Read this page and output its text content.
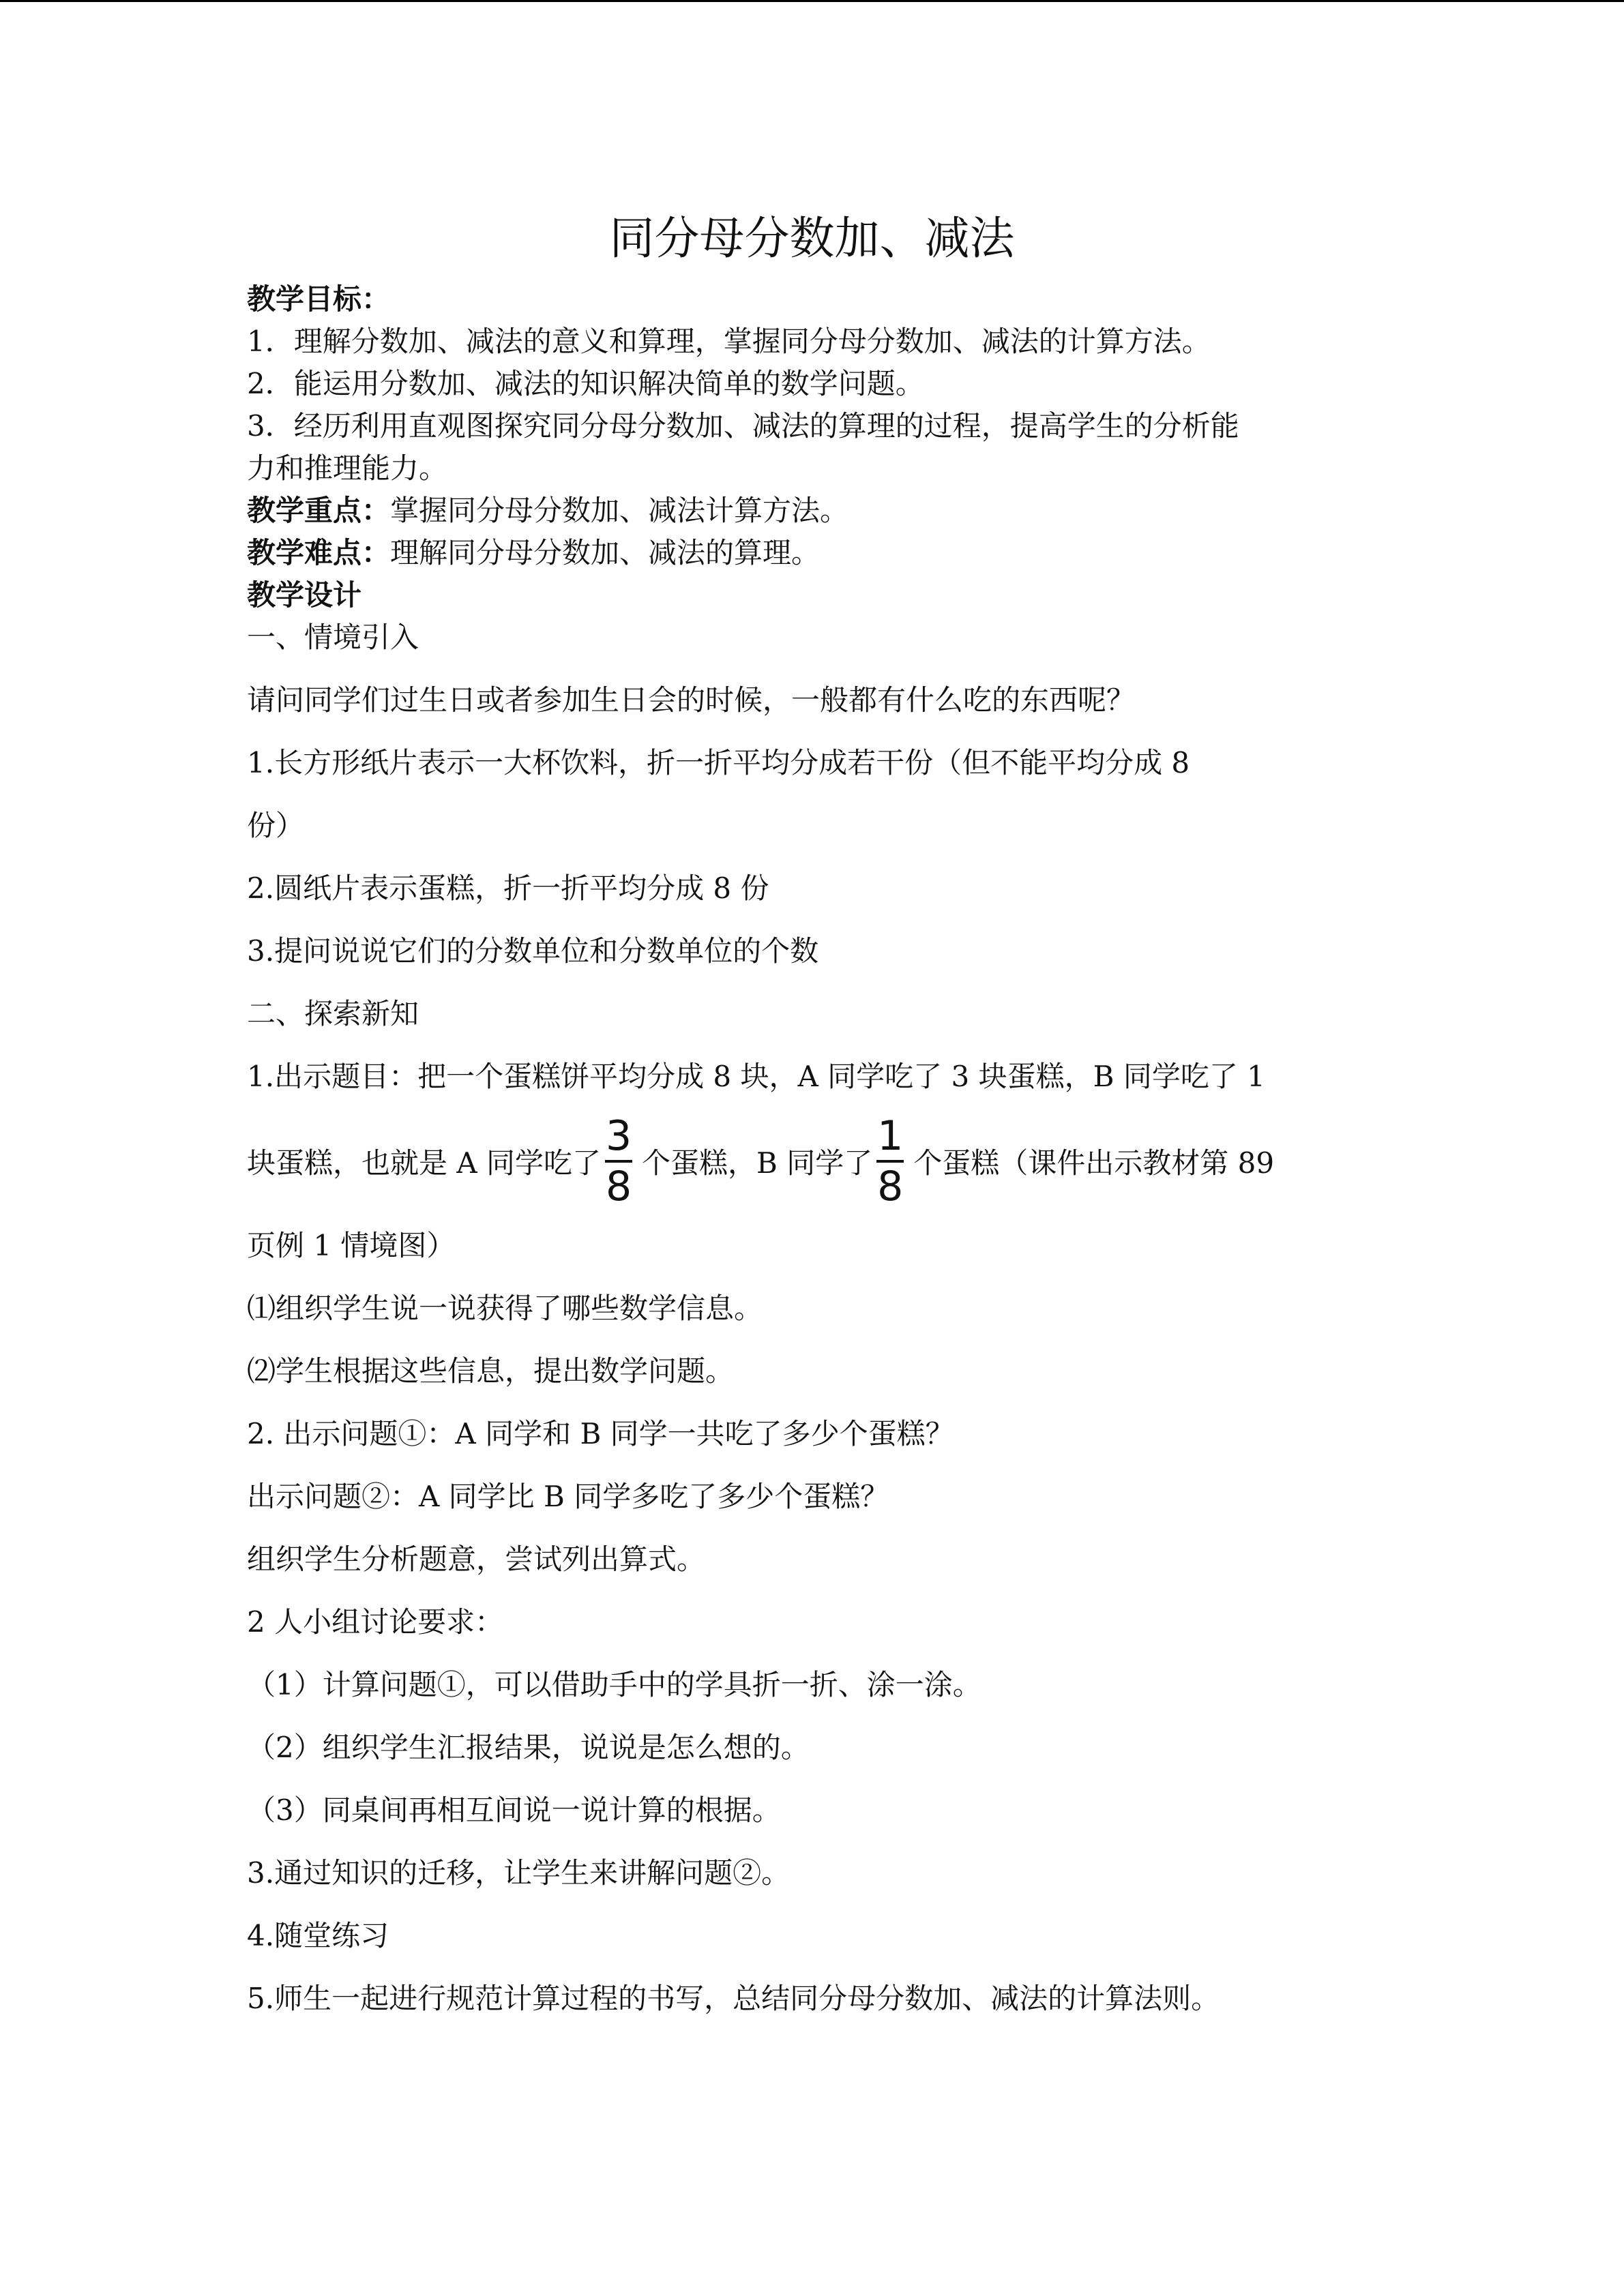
同分母分数加、减法
教学目标：
1．理解分数加、减法的意义和算理，掌握同分母分数加、减法的计算方法。
2．能运用分数加、减法的知识解决简单的数学问题。
3．经历利用直观图探究同分母分数加、减法的算理的过程，提高学生的分析能
力和推理能力。
教学重点：掌握同分母分数加、减法计算方法。
教学难点：理解同分母分数加、减法的算理。
教学设计
一、情境引入
请问同学们过生日或者参加生日会的时候，一般都有什么吃的东西呢？
1.长方形纸片表示一大杯饮料，折一折平均分成若干份（但不能平均分成 8
份）
2.圆纸片表示蛋糕，折一折平均分成 8 份
3.提问说说它们的分数单位和分数单位的个数
二、探索新知
1.出示题目：把一个蛋糕饼平均分成 8 块，A 同学吃了 3 块蛋糕，B 同学吃了 1
块蛋糕，也就是 A 同学吃了 $\frac{3}{8}$ 个蛋糕，B 同学了 $\frac{1}{8}$ 个蛋糕（课件出示教材第 89
页例 1 情境图）
⑴组织学生说一说获得了哪些数学信息。
⑵学生根据这些信息，提出数学问题。
2. 出示问题①：A 同学和 B 同学一共吃了多少个蛋糕？
出示问题②：A 同学比 B 同学多吃了多少个蛋糕？
组织学生分析题意，尝试列出算式。
2 人小组讨论要求：
（1）计算问题①，可以借助手中的学具折一折、涂一涂。
（2）组织学生汇报结果，说说是怎么想的。
（3）同桌间再相互间说一说计算的根据。
3.通过知识的迁移，让学生来讲解问题②。
4.随堂练习
5.师生一起进行规范计算过程的书写，总结同分母分数加、减法的计算法则。
